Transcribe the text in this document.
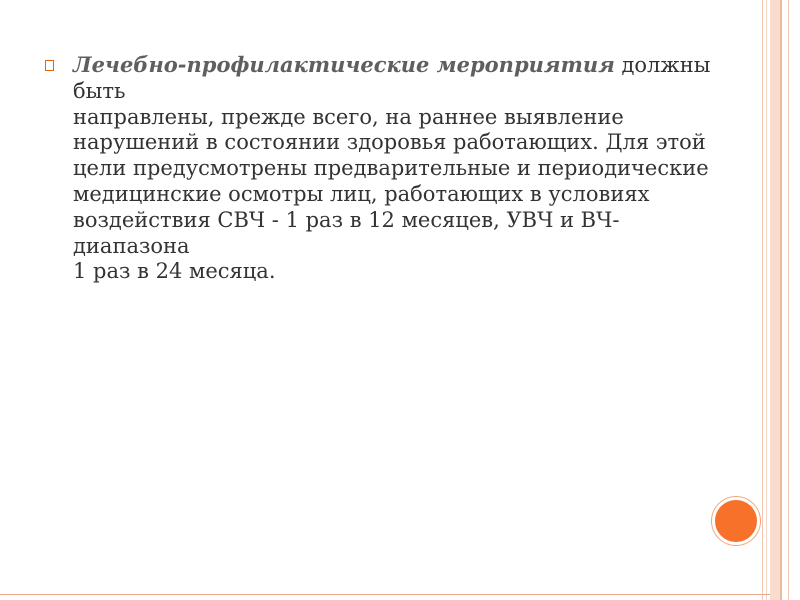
Лечебно-профилактические мероприятия должны быть
направлены, прежде всего, на раннее выявление
нарушений в состоянии здоровья работающих. Для этой
цели предусмотрены предварительные и периодические
медицинские осмотры лиц, работающих в условиях
воздействия СВЧ - 1 раз в 12 месяцев, УВЧ и ВЧ-
диапазона
1 раз в 24 месяца.
